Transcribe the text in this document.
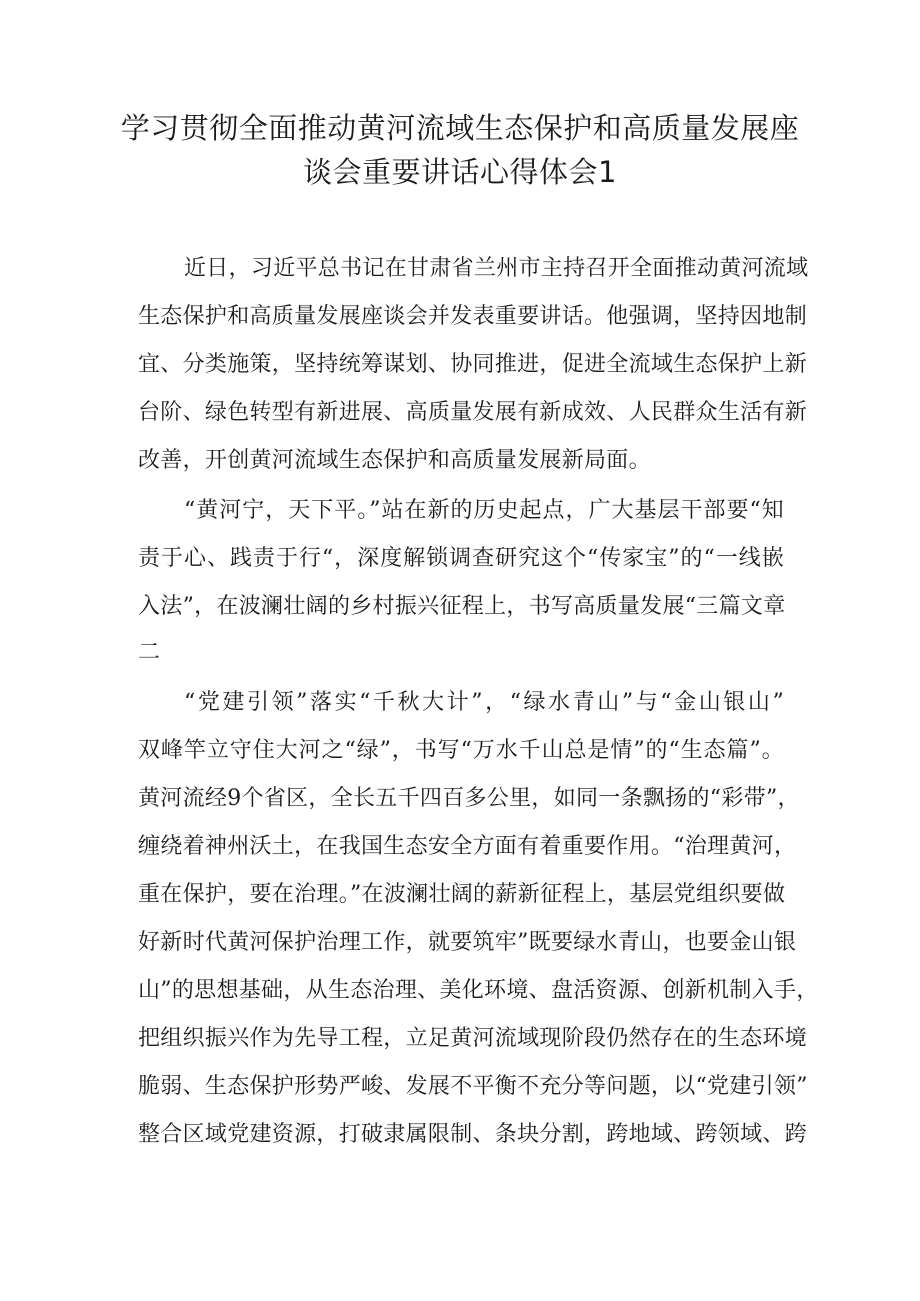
学习贯彻全面推动黄河流域生态保护和高质量发展座
谈会重要讲话心得体会1
近日，习近平总书记在甘肃省兰州市主持召开全面推动黄河流域
生态保护和高质量发展座谈会并发表重要讲话。他强调，坚持因地制
宜、分类施策，坚持统筹谋划、协同推进，促进全流域生态保护上新
台阶、绿色转型有新进展、高质量发展有新成效、人民群众生活有新
改善，开创黄河流域生态保护和高质量发展新局面。
“黄河宁，天下平。”站在新的历史起点，广大基层干部要“知
责于心、践责于行“，深度解锁调查研究这个“传家宝”的“一线嵌
入法”，在波澜壮阔的乡村振兴征程上，书写高质量发展“三篇文章
二
“党建引领”落实“千秋大计”，“绿水青山”与“金山银山”
双峰竿立守住大河之“绿”，书写“万水千山总是情”的“生态篇”。
黄河流经9个省区，全长五千四百多公里，如同一条飘扬的“彩带”，
缠绕着神州沃土，在我国生态安全方面有着重要作用。“治理黄河，
重在保护，要在治理。”在波澜壮阔的薪新征程上，基层党组织要做
好新时代黄河保护治理工作，就要筑牢”既要绿水青山，也要金山银
山”的思想基础，从生态治理、美化环境、盘活资源、创新机制入手，
把组织振兴作为先导工程，立足黄河流域现阶段仍然存在的生态环境
脆弱、生态保护形势严峻、发展不平衡不充分等问题，以“党建引领”
整合区域党建资源，打破隶属限制、条块分割，跨地域、跨领域、跨
